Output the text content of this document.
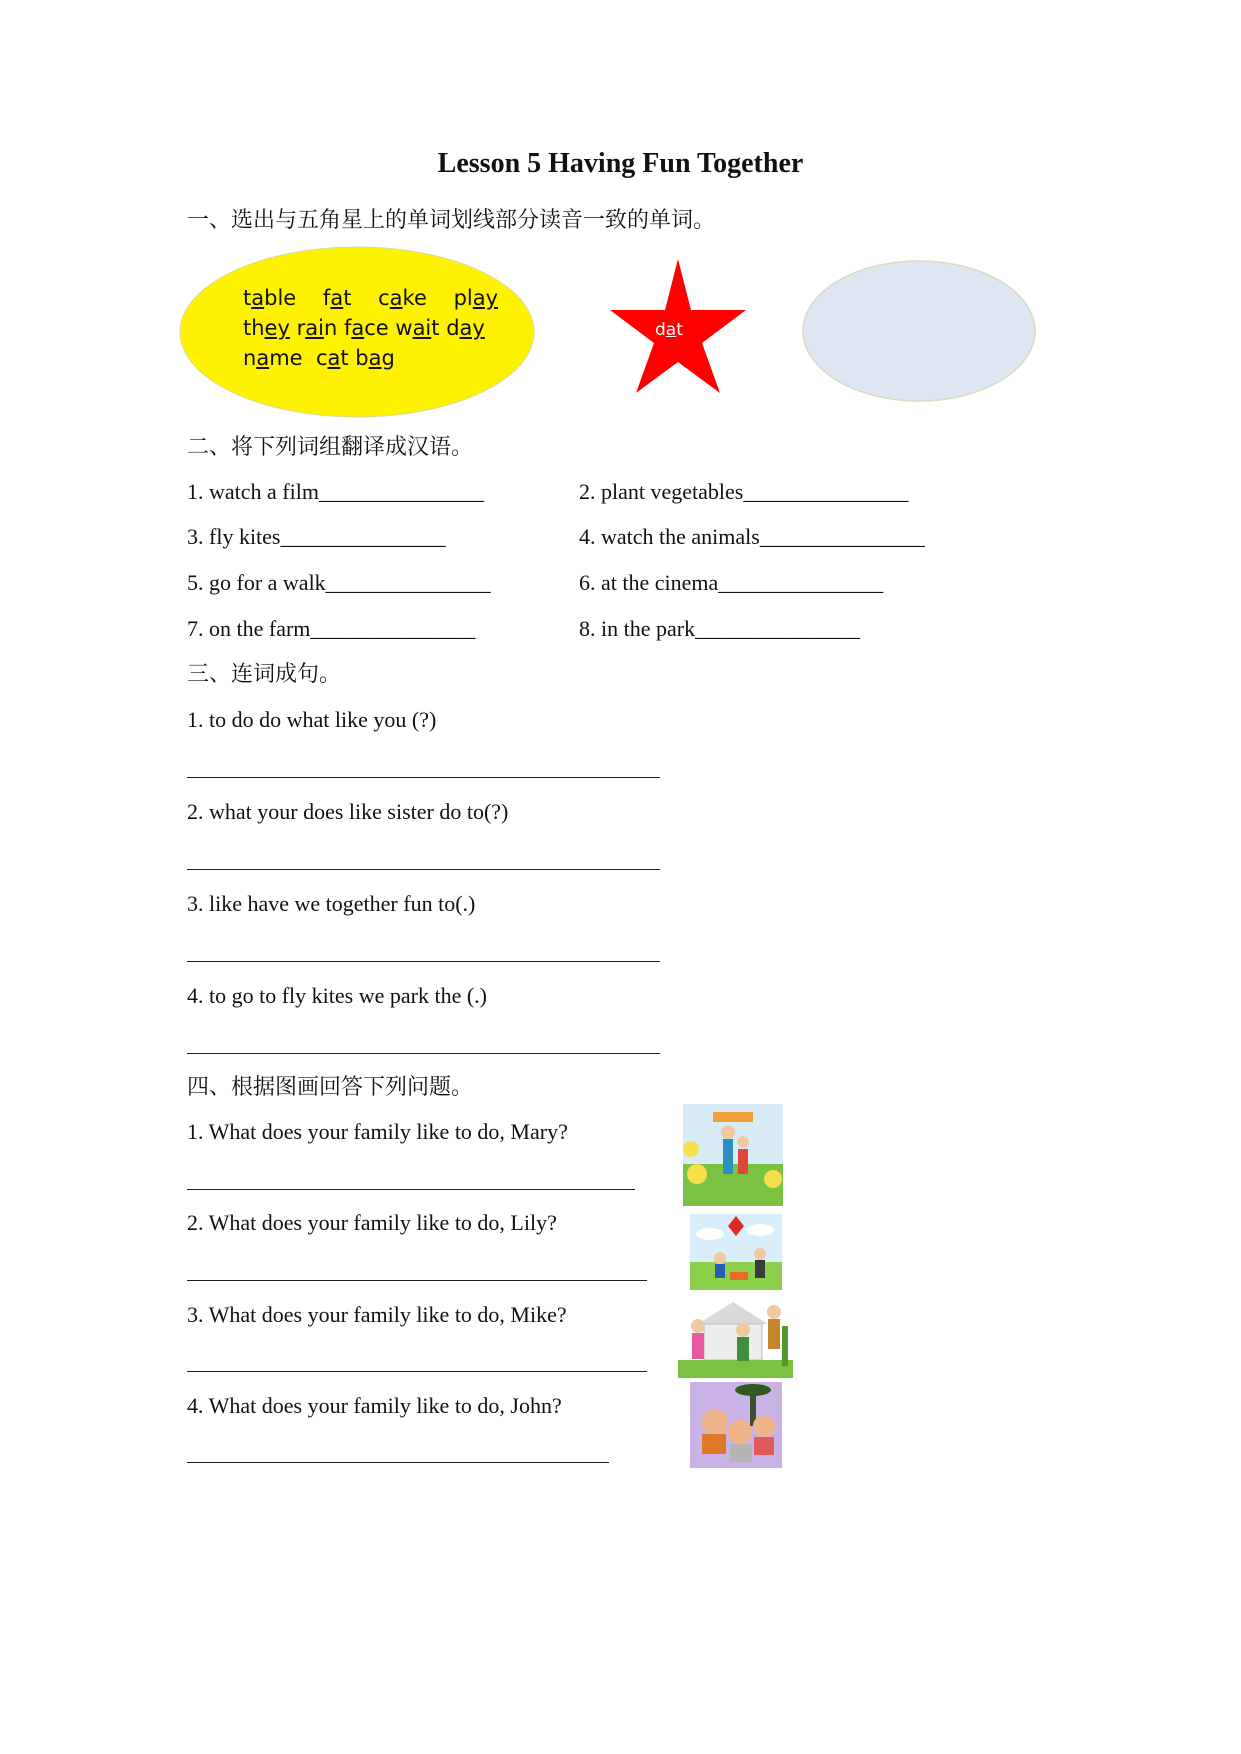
Lesson 5 Having Fun Together
一、选出与五角星上的单词划线部分读音一致的单词。
table fat cake play
they rain face wait day
name cat bag
dat
二、将下列词组翻译成汉语。
1. watch a film_______________	2. plant vegetables_______________
3. fly kites_______________	4. watch the animals_______________
5. go for a walk_______________	6. at the cinema_______________
7. on the farm_______________	8. in the park_______________
三、连词成句。
1. to do do what like you (?)
2. what your does like sister do to(?)
3. like have we together fun to(.)
4. to go to fly kites we park the (.)
四、根据图画回答下列问题。
1. What does your family like to do, Mary?
2. What does your family like to do, Lily?
3. What does your family like to do, Mike?
4. What does your family like to do, John?
